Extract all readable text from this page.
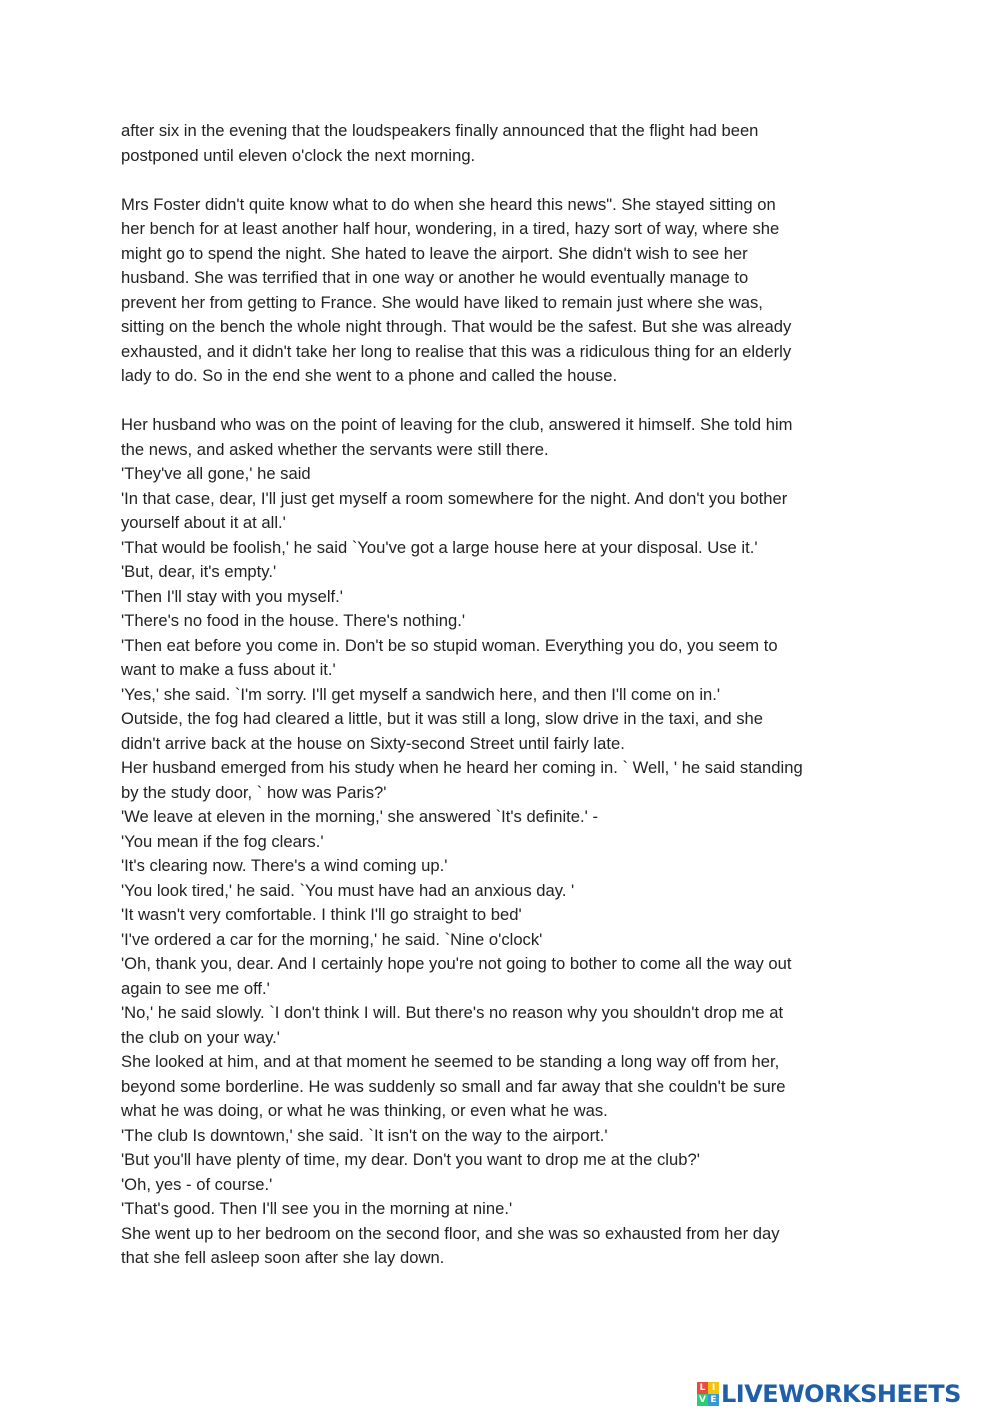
after six in the evening that the loudspeakers finally announced that the flight had been
postponed until eleven o'clock the next morning.

Mrs Foster didn't quite know what to do when she heard this news". She stayed sitting on
her bench for at least another half hour, wondering, in a tired, hazy sort of way, where she
might go to spend the night. She hated to leave the airport. She didn't wish to see her
husband. She was terrified that in one way or another he would eventually manage to
prevent her from getting to France. She would have liked to remain just where she was,
sitting on the bench the whole night through. That would be the safest. But she was already
exhausted, and it didn't take her long to realise that this was a ridiculous thing for an elderly
lady to do. So in the end she went to a phone and called the house.

Her husband who was on the point of leaving for the club, answered it himself. She told him
the news, and asked whether the servants were still there.
'They've all gone,' he said
'In that case, dear, I'll just get myself a room somewhere for the night. And don't you bother
yourself about it at all.'
'That would be foolish,' he said `You've got a large house here at your disposal. Use it.'
'But, dear, it's empty.'
'Then I'll stay with you myself.'
'There's no food in the house. There's nothing.'
'Then eat before you come in. Don't be so stupid woman. Everything you do, you seem to
want to make a fuss about it.'
'Yes,' she said. `I'm sorry. I'll get myself a sandwich here, and then I'll come on in.'
Outside, the fog had cleared a little, but it was still a long, slow drive in the taxi, and she
didn't arrive back at the house on Sixty-second Street until fairly late.
Her husband emerged from his study when he heard her coming in. ` Well, ' he said standing
by the study door, ` how was Paris?'
'We leave at eleven in the morning,' she answered `It's definite.' -
'You mean if the fog clears.'
'It's clearing now. There's a wind coming up.'
'You look tired,' he said. `You must have had an anxious day. '
'It wasn't very comfortable. I think I'll go straight to bed'
'I've ordered a car for the morning,' he said. `Nine o'clock'
'Oh, thank you, dear. And I certainly hope you're not going to bother to come all the way out
again to see me off.'
'No,' he said slowly. `I don't think I will. But there's no reason why you shouldn't drop me at
the club on your way.'
She looked at him, and at that moment he seemed to be standing a long way off from her,
beyond some borderline. He was suddenly so small and far away that she couldn't be sure
what he was doing, or what he was thinking, or even what he was.
'The club Is downtown,' she said. `It isn't on the way to the airport.'
'But you'll have plenty of time, my dear. Don't you want to drop me at the club?'
'Oh, yes - of course.'
'That's good. Then I'll see you in the morning at nine.'
She went up to her bedroom on the second floor, and she was so exhausted from her day
that she fell asleep soon after she lay down.

L I
V E LIVEWORKSHEETS
